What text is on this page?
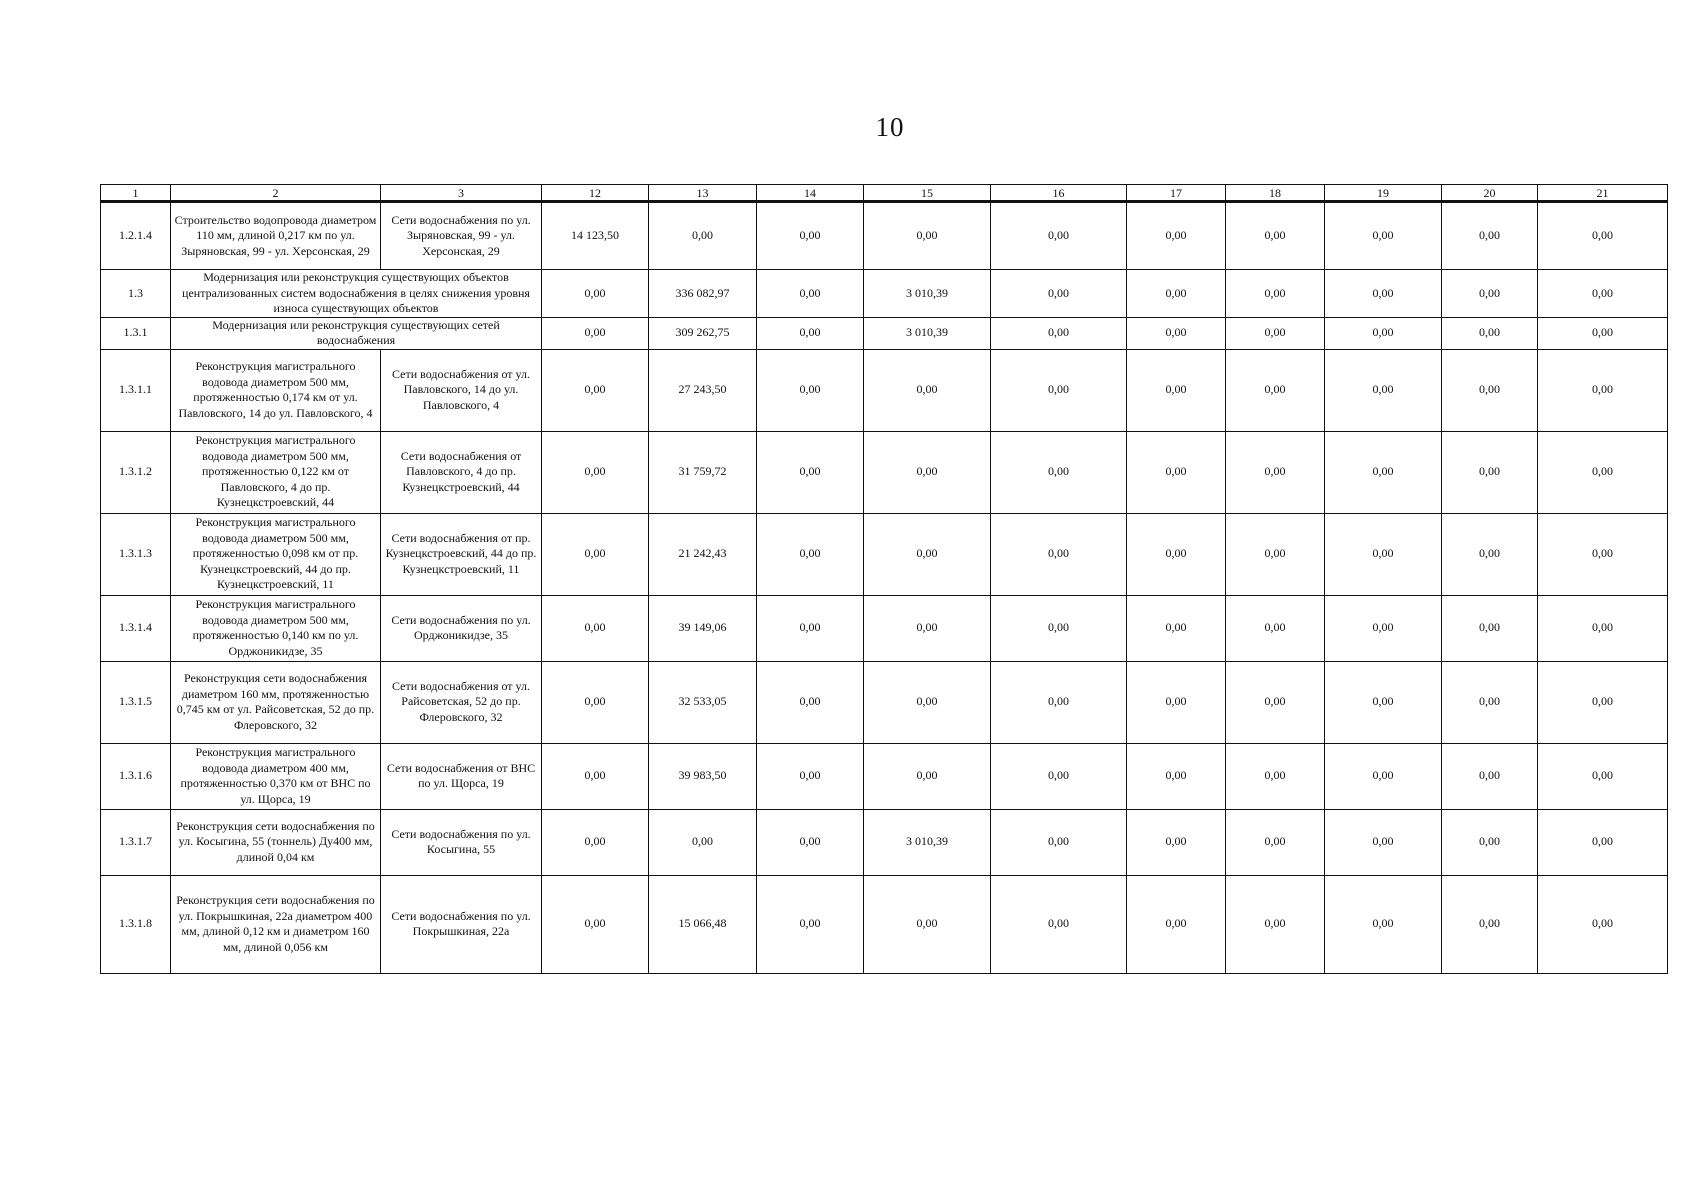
10
1	2	3	12	13	14	15	16	17	18	19	20	21
1.2.1.4	Строительство водопровода диаметром 110 мм, длиной 0,217 км по ул. Зыряновская, 99 - ул. Херсонская, 29	Сети водоснабжения по ул. Зыряновская, 99 - ул. Херсонская, 29	14 123,50	0,00	0,00	0,00	0,00	0,00	0,00	0,00	0,00	0,00
1.3	Модернизация или реконструкция существующих объектов централизованных систем водоснабжения в целях снижения уровня износа существующих объектов		0,00	336 082,97	0,00	3 010,39	0,00	0,00	0,00	0,00	0,00	0,00
1.3.1	Модернизация или реконструкция существующих сетей водоснабжения		0,00	309 262,75	0,00	3 010,39	0,00	0,00	0,00	0,00	0,00	0,00
1.3.1.1	Реконструкция магистрального водовода диаметром 500 мм, протяженностью 0,174 км от ул. Павловского, 14 до ул. Павловского, 4	Сети водоснабжения от ул. Павловского, 14 до ул. Павловского, 4	0,00	27 243,50	0,00	0,00	0,00	0,00	0,00	0,00	0,00	0,00
1.3.1.2	Реконструкция магистрального водовода диаметром 500 мм, протяженностью 0,122 км от Павловского, 4 до пр. Кузнецкстроевский, 44	Сети водоснабжения от Павловского, 4 до пр. Кузнецкстроевский, 44	0,00	31 759,72	0,00	0,00	0,00	0,00	0,00	0,00	0,00	0,00
1.3.1.3	Реконструкция магистрального водовода диаметром 500 мм, протяженностью 0,098 км от пр. Кузнецкстроевский, 44 до пр. Кузнецкстроевский, 11	Сети водоснабжения от пр. Кузнецкстроевский, 44 до пр. Кузнецкстроевский, 11	0,00	21 242,43	0,00	0,00	0,00	0,00	0,00	0,00	0,00	0,00
1.3.1.4	Реконструкция магистрального водовода диаметром 500 мм, протяженностью 0,140 км по ул. Орджоникидзе, 35	Сети водоснабжения по ул. Орджоникидзе, 35	0,00	39 149,06	0,00	0,00	0,00	0,00	0,00	0,00	0,00	0,00
1.3.1.5	Реконструкция сети водоснабжения диаметром 160 мм, протяженностью 0,745 км от ул. Райсоветская, 52 до пр. Флеровского, 32	Сети водоснабжения от ул. Райсоветская, 52 до пр. Флеровского, 32	0,00	32 533,05	0,00	0,00	0,00	0,00	0,00	0,00	0,00	0,00
1.3.1.6	Реконструкция магистрального водовода диаметром 400 мм, протяженностью 0,370 км от ВНС по ул. Щорса, 19	Сети водоснабжения от ВНС по ул. Щорса, 19	0,00	39 983,50	0,00	0,00	0,00	0,00	0,00	0,00	0,00	0,00
1.3.1.7	Реконструкция сети водоснабжения по ул. Косыгина, 55 (тоннель) Ду400 мм, длиной 0,04 км	Сети водоснабжения по ул. Косыгина, 55	0,00	0,00	0,00	3 010,39	0,00	0,00	0,00	0,00	0,00	0,00
1.3.1.8	Реконструкция сети водоснабжения по ул. Покрышкиная, 22а диаметром 400 мм, длиной 0,12 км и диаметром 160 мм, длиной 0,056 км	Сети водоснабжения по ул. Покрышкиная, 22а	0,00	15 066,48	0,00	0,00	0,00	0,00	0,00	0,00	0,00	0,00
